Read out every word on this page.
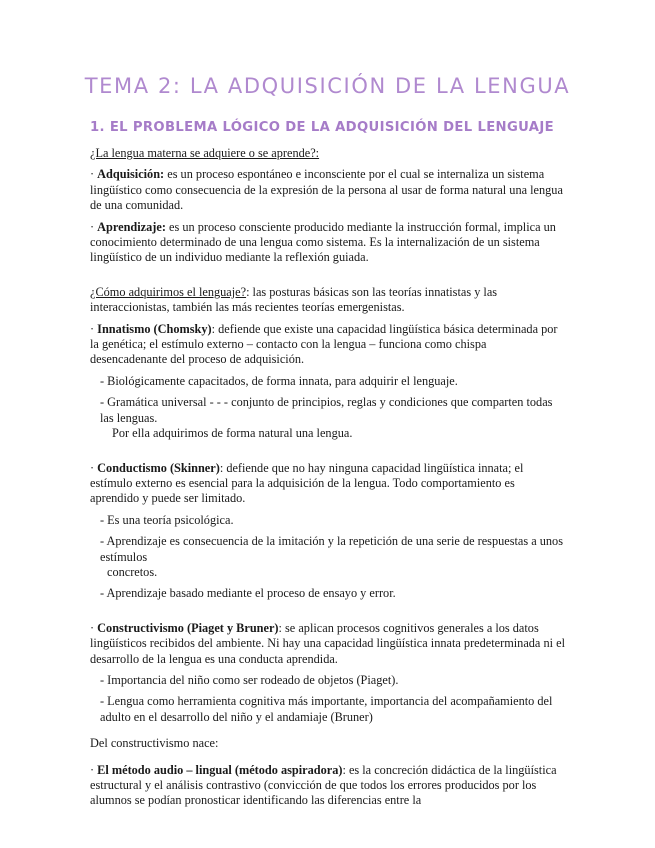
TEMA 2: LA ADQUISICIÓN DE LA LENGUA
1. EL PROBLEMA LÓGICO DE LA ADQUISICIÓN DEL LENGUAJE

¿La lengua materna se adquiere o se aprende?:

· Adquisición: es un proceso espontáneo e inconsciente por el cual se internaliza un sistema lingüístico como consecuencia de la expresión de la persona al usar de forma natural una lengua de una comunidad.

· Aprendizaje: es un proceso consciente producido mediante la instrucción formal, implica un conocimiento determinado de una lengua como sistema. Es la internalización de un sistema lingüístico de un individuo mediante la reflexión guiada.

¿Cómo adquirimos el lenguaje?: las posturas básicas son las teorías innatistas y las interaccionistas, también las más recientes teorías emergenistas.

· Innatismo (Chomsky): defiende que existe una capacidad lingüística básica determinada por la genética; el estímulo externo – contacto con la lengua – funciona como chispa desencadenante del proceso de adquisición.

- Biológicamente capacitados, de forma innata, para adquirir el lenguaje.

- Gramática universal - - - conjunto de principios, reglas y condiciones que comparten todas las lenguas.

Por ella adquirimos de forma natural una lengua.

· Conductismo (Skinner): defiende que no hay ninguna capacidad lingüística innata; el estímulo externo es esencial para la adquisición de la lengua. Todo comportamiento es aprendido y puede ser limitado.

- Es una teoría psicológica.

- Aprendizaje es consecuencia de la imitación y la repetición de una serie de respuestas a unos estímulos

concretos.

- Aprendizaje basado mediante el proceso de ensayo y error.

· Constructivismo (Piaget y Bruner): se aplican procesos cognitivos generales a los datos lingüísticos recibidos del ambiente. Ni hay una capacidad lingüística innata predeterminada ni el desarrollo de la lengua es una conducta aprendida.

- Importancia del niño como ser rodeado de objetos (Piaget).

- Lengua como herramienta cognitiva más importante, importancia del acompañamiento del adulto en el desarrollo del niño y el andamiaje (Bruner)

Del constructivismo nace:

· El método audio – lingual (método aspiradora): es la concreción didáctica de la lingüística estructural y el análisis contrastivo (convicción de que todos los errores producidos por los alumnos se podían pronosticar identificando las diferencias entre la
